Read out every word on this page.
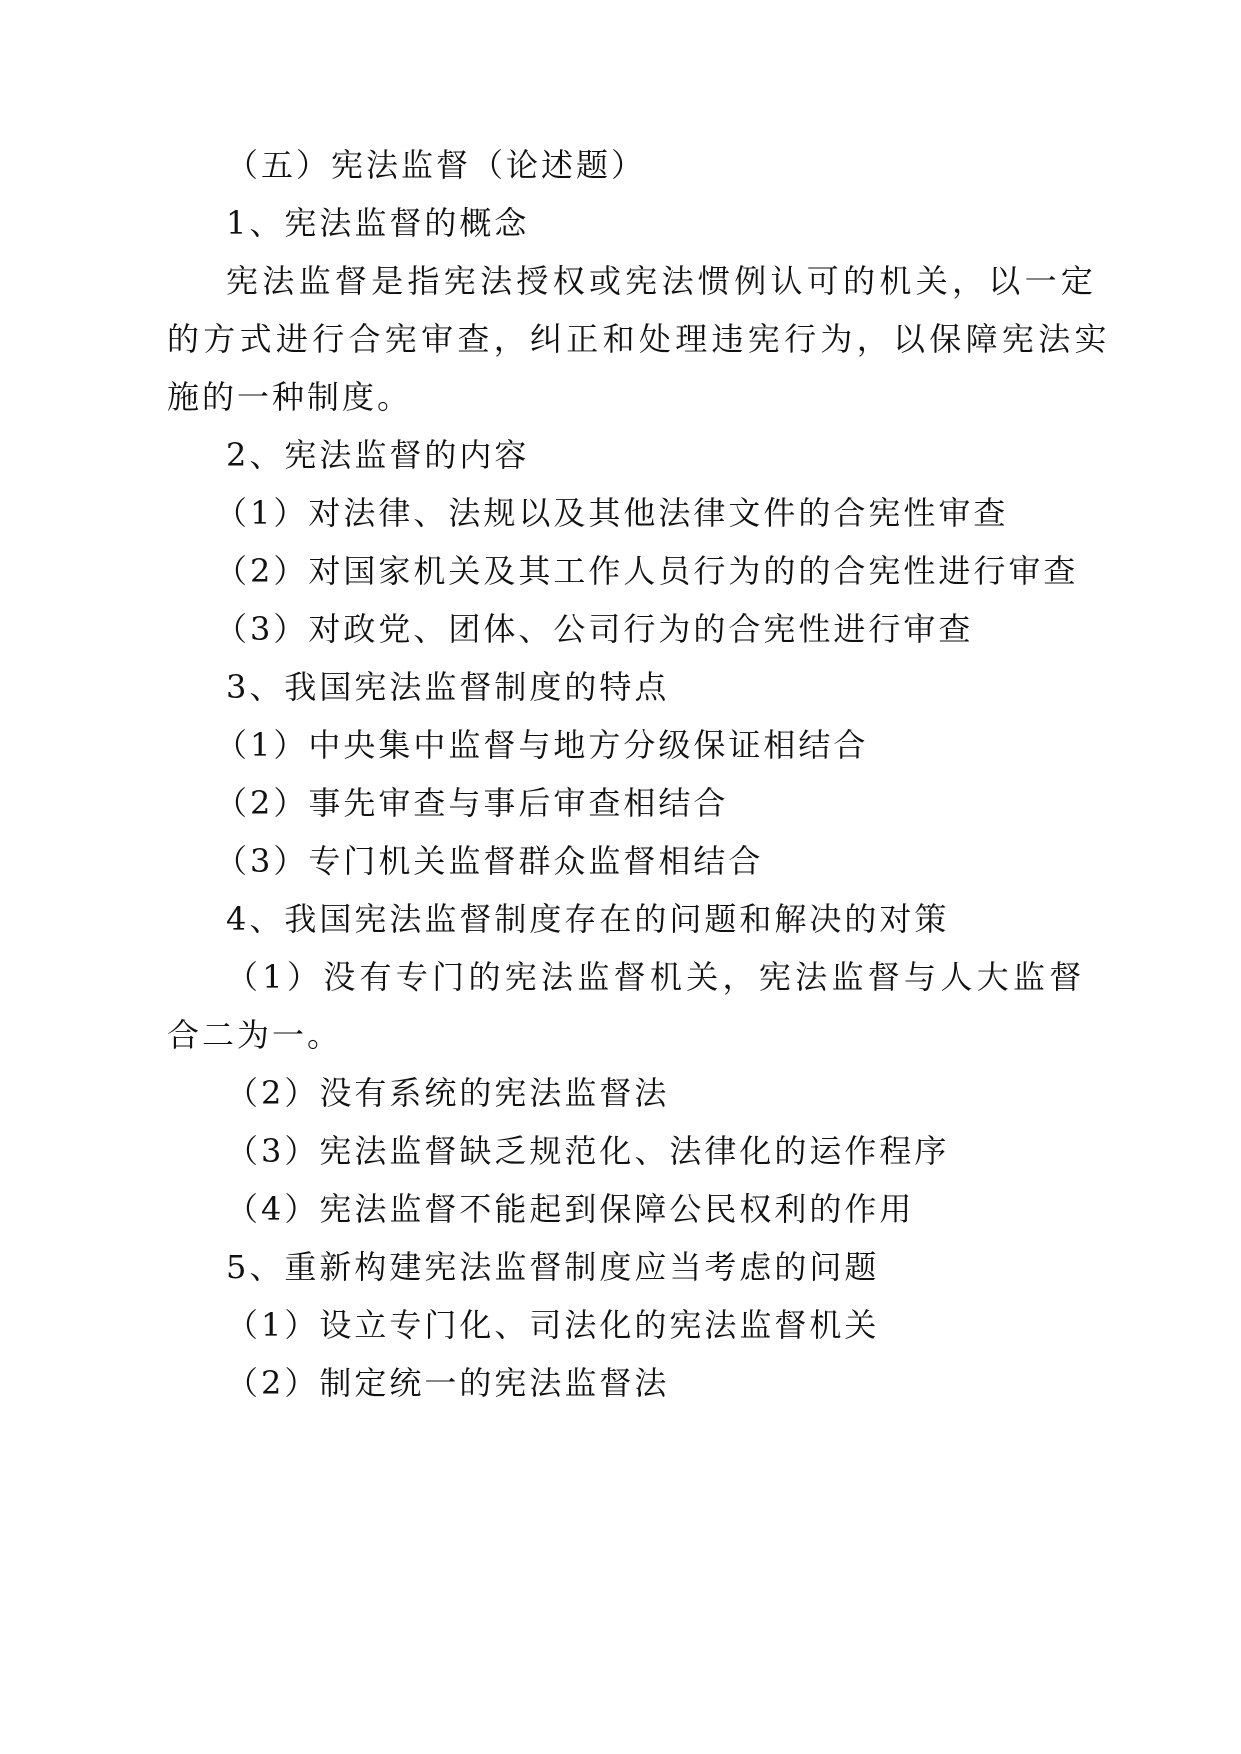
（五）宪法监督（论述题）
1、宪法监督的概念
宪法监督是指宪法授权或宪法惯例认可的机关，以一定
的方式进行合宪审查，纠正和处理违宪行为，以保障宪法实
施的一种制度。
2、宪法监督的内容
（1）对法律、法规以及其他法律文件的合宪性审查
（2）对国家机关及其工作人员行为的的合宪性进行审查
（3）对政党、团体、公司行为的合宪性进行审查
3、我国宪法监督制度的特点
（1）中央集中监督与地方分级保证相结合
（2）事先审查与事后审查相结合
（3）专门机关监督群众监督相结合
4、我国宪法监督制度存在的问题和解决的对策
（1）没有专门的宪法监督机关，宪法监督与人大监督
合二为一。
（2）没有系统的宪法监督法
（3）宪法监督缺乏规范化、法律化的运作程序
（4）宪法监督不能起到保障公民权利的作用
5、重新构建宪法监督制度应当考虑的问题
（1）设立专门化、司法化的宪法监督机关
（2）制定统一的宪法监督法
